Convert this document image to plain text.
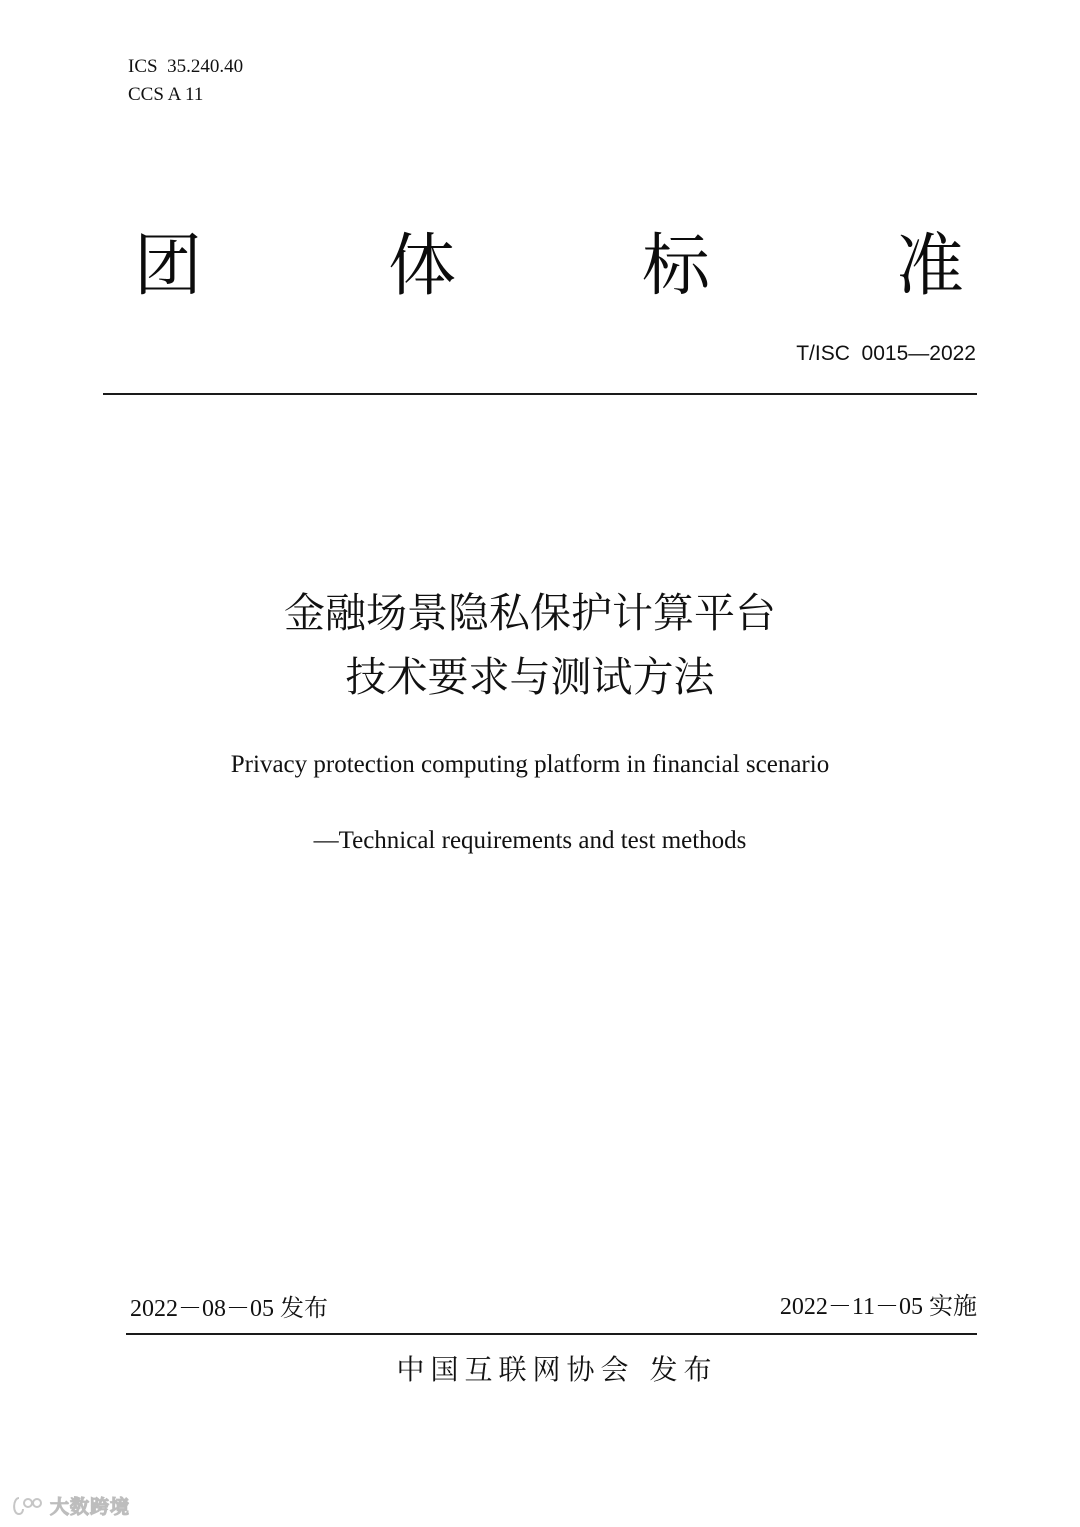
ICS  35.240.40
CCS A 11
团	体	标	准
T/ISC  0015—2022
金融场景隐私保护计算平台
技术要求与测试方法
Privacy protection computing platform in financial scenario
—Technical requirements and test methods
2022－08－05 发布	2022－11－05 实施
中国互联网协会 发布
大数跨境
